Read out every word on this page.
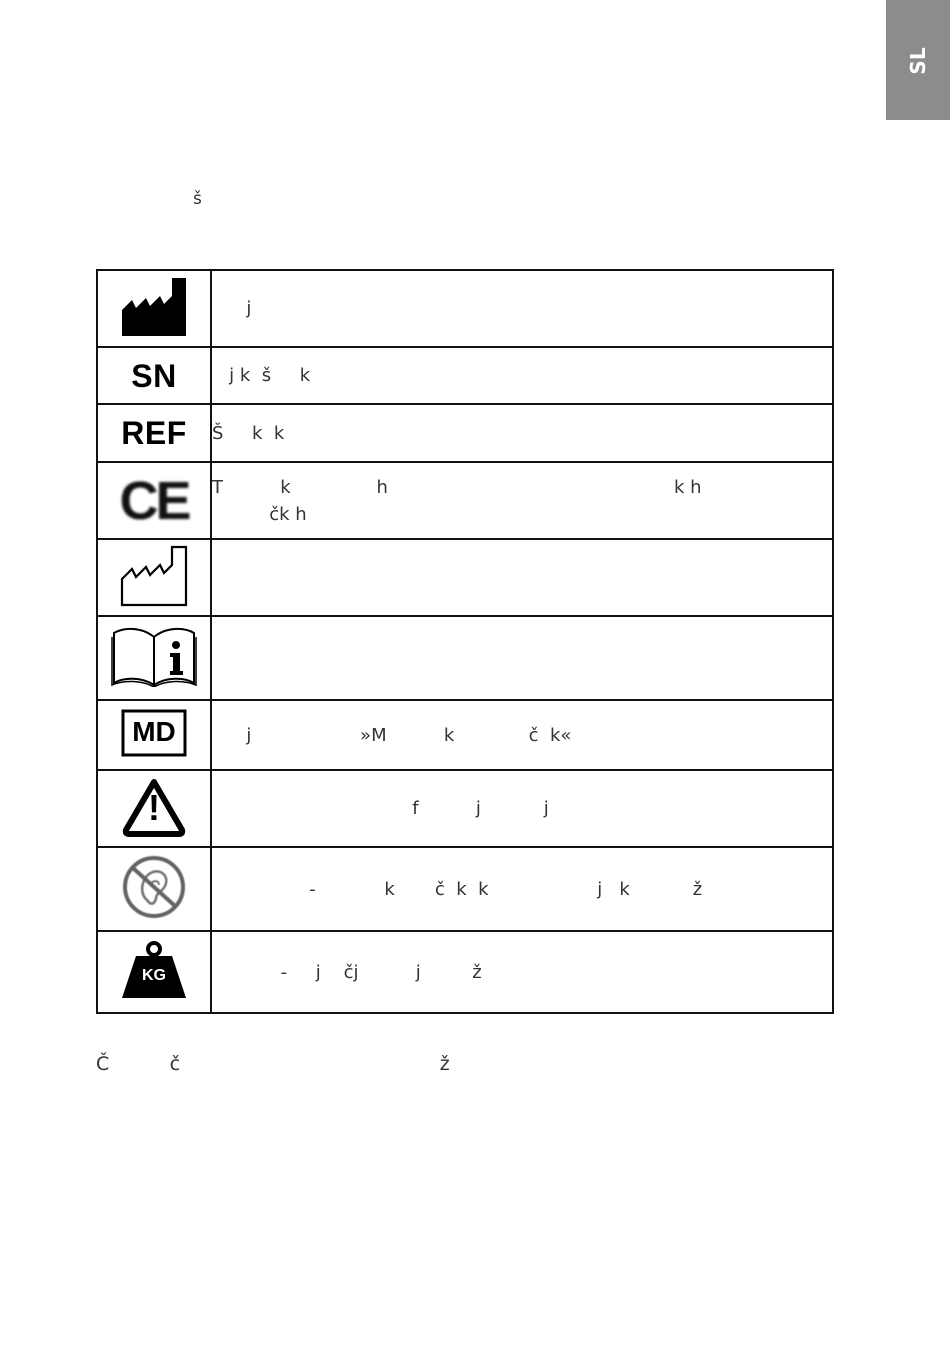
SL
š
	j
SN	j k  š     k
REF	Š     k  k
CE	T          k               h                                                  k h
čk h

MD	j                   »M          k             č  k«

!	f          j           j
	-            k       č  k  k                   j   k           ž

KG	-     j    čj          j         ž
Č          č                                           ž
